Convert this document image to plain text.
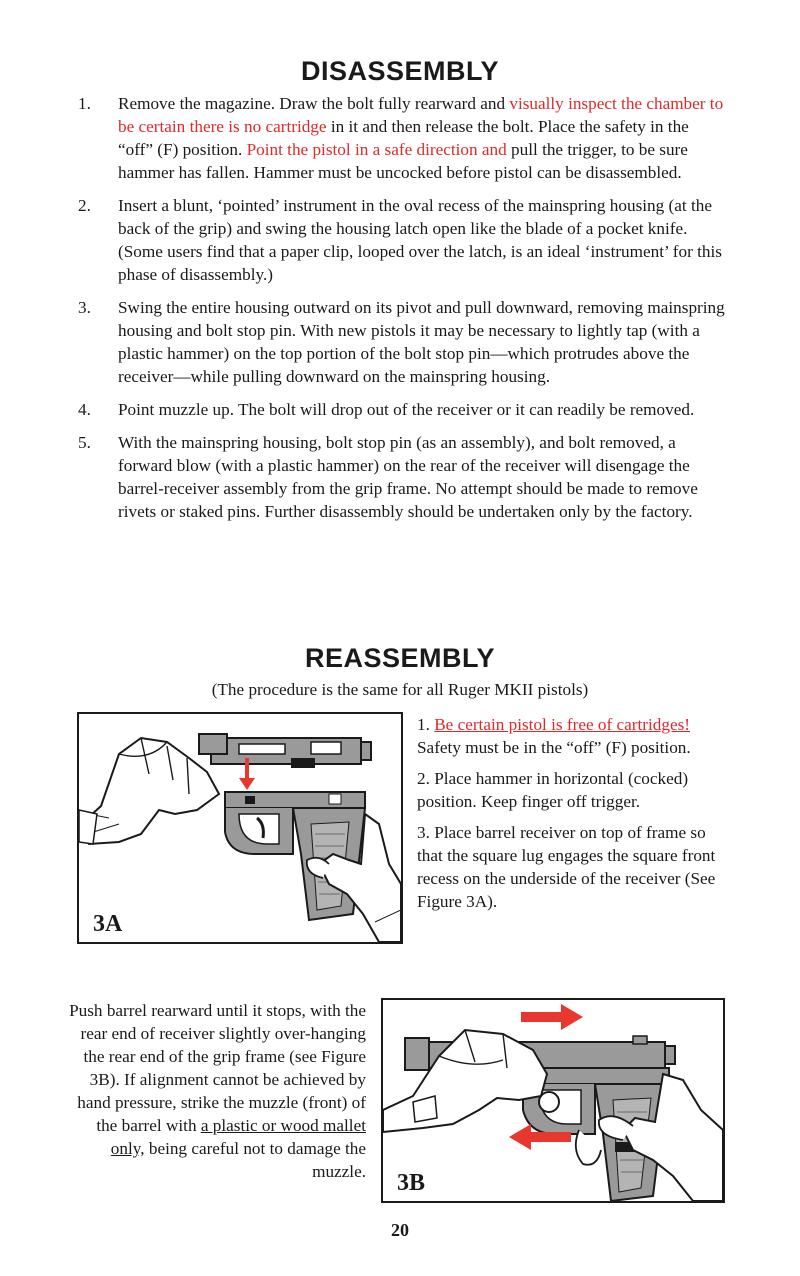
DISASSEMBLY
1.	Remove the magazine. Draw the bolt fully rearward and visually inspect the chamber to be certain there is no cartridge in it and then release the bolt. Place the safety in the “off” (F) position. Point the pistol in a safe direction and pull the trigger, to be sure hammer has fallen. Hammer must be uncocked before pistol can be disassembled.
2.	Insert a blunt, ‘pointed’ instrument in the oval recess of the mainspring housing (at the back of the grip) and swing the housing latch open like the blade of a pocket knife. (Some users find that a paper clip, looped over the latch, is an ideal ‘instrument’ for this phase of disassembly.)
3.	Swing the entire housing outward on its pivot and pull downward, removing mainspring housing and bolt stop pin. With new pistols it may be necessary to lightly tap (with a plastic hammer) on the top portion of the bolt stop pin—which protrudes above the receiver—while pulling downward on the mainspring housing.
4.	Point muzzle up. The bolt will drop out of the receiver or it can readily be removed.
5.	With the mainspring housing, bolt stop pin (as an assembly), and bolt removed, a forward blow (with a plastic hammer) on the rear of the receiver will disengage the barrel-receiver assembly from the grip frame. No attempt should be made to remove rivets or staked pins. Further disassembly should be undertaken only by the factory.
REASSEMBLY
(The procedure is the same for all Ruger MKII pistols)
3A

1. Be certain pistol is free of cartridges! Safety must be in the “off” (F) position.

2. Place hammer in horizontal (cocked) position. Keep finger off trigger.

3. Place barrel receiver on top of frame so that the square lug engages the square front recess on the underside of the receiver (See Figure 3A).

Push barrel rearward until it stops, with the rear end of receiver slightly over-hanging the rear end of the grip frame (see Figure 3B). If alignment cannot be achieved by hand pressure, strike the muzzle (front) of the barrel with a plastic or wood mallet only, being careful not to damage the muzzle. 3B
20
